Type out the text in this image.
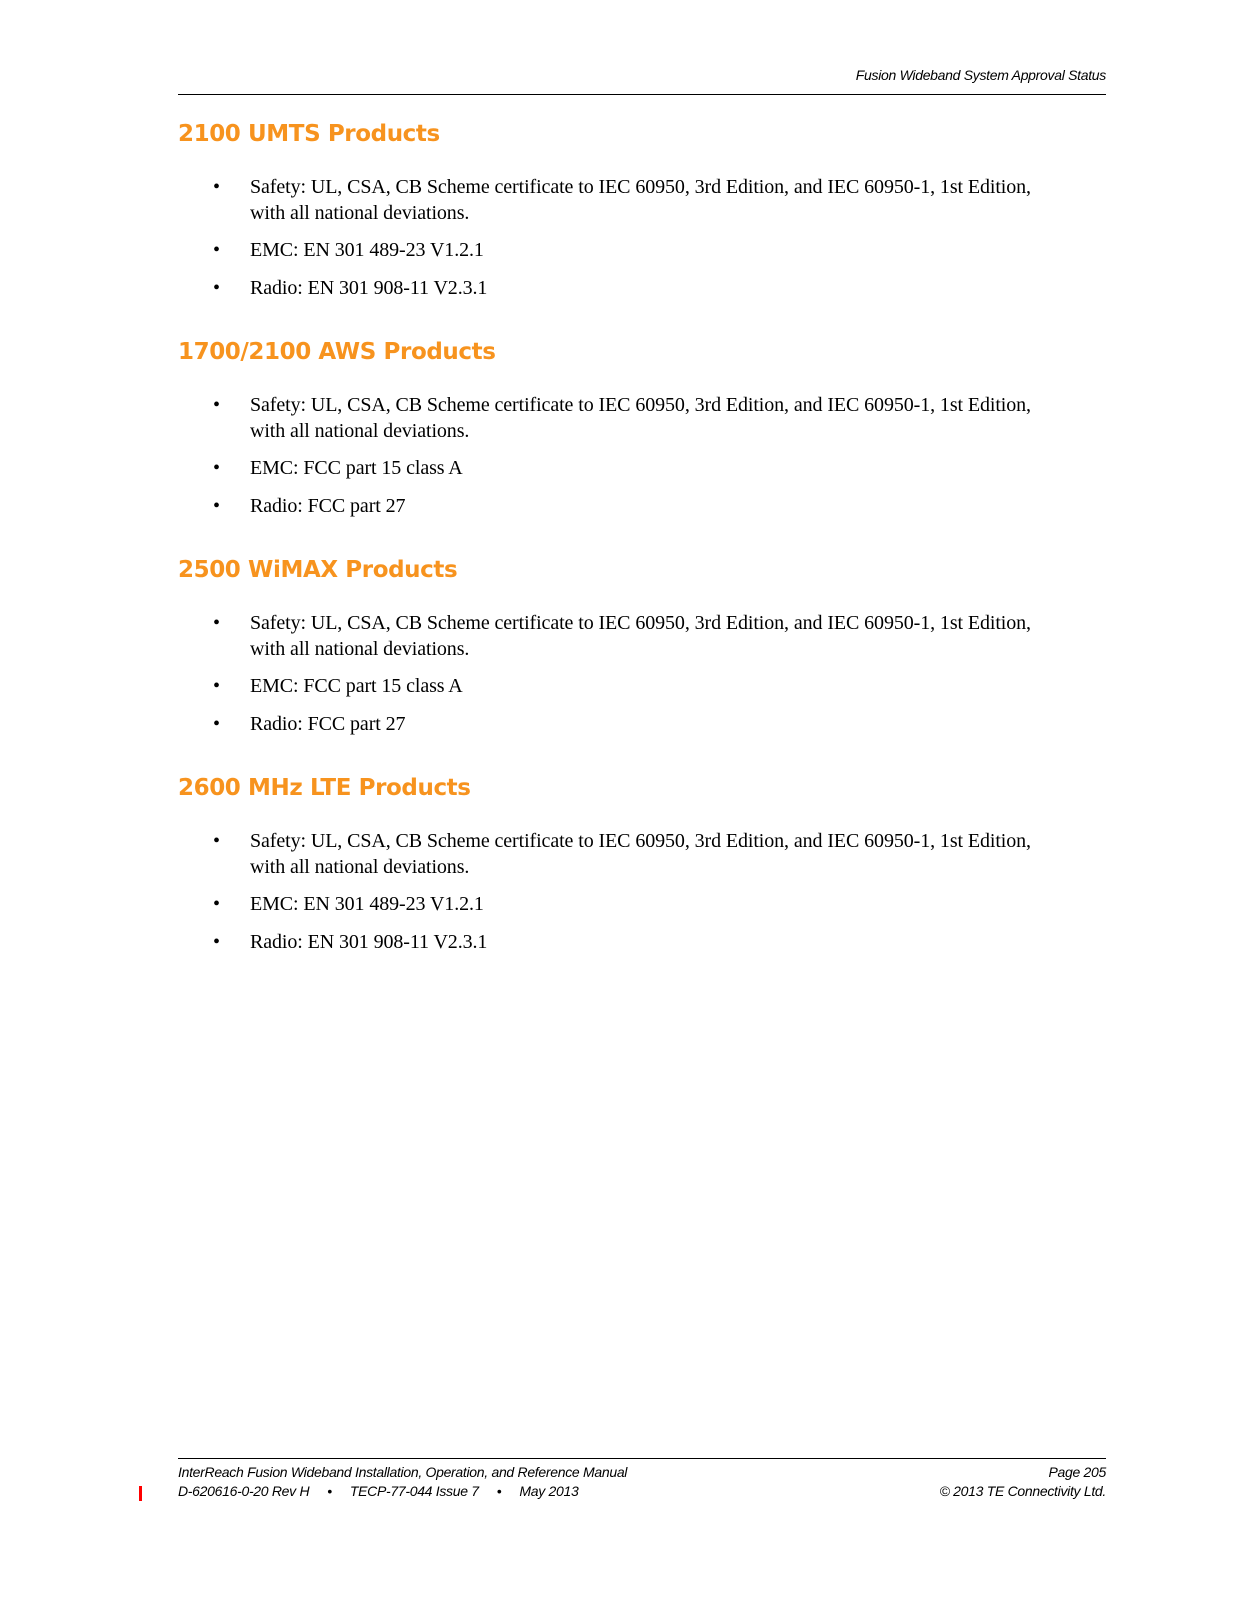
Fusion Wideband System Approval Status
2100 UMTS Products
• Safety: UL, CSA, CB Scheme certificate to IEC 60950, 3rd Edition, and IEC 60950-1, 1st Edition,
with all national deviations.
• EMC: EN 301 489-23 V1.2.1
• Radio: EN 301 908-11 V2.3.1
1700/2100 AWS Products
• Safety: UL, CSA, CB Scheme certificate to IEC 60950, 3rd Edition, and IEC 60950-1, 1st Edition,
with all national deviations.
• EMC: FCC part 15 class A
• Radio: FCC part 27
2500 WiMAX Products
• Safety: UL, CSA, CB Scheme certificate to IEC 60950, 3rd Edition, and IEC 60950-1, 1st Edition,
with all national deviations.
• EMC: FCC part 15 class A
• Radio: FCC part 27
2600 MHz LTE Products
• Safety: UL, CSA, CB Scheme certificate to IEC 60950, 3rd Edition, and IEC 60950-1, 1st Edition,
with all national deviations.
• EMC: EN 301 489-23 V1.2.1
• Radio: EN 301 908-11 V2.3.1
InterReach Fusion Wideband Installation, Operation, and Reference Manual
D-620616-0-20 Rev H • TECP-77-044 Issue 7 • May 2013
Page 205
© 2013 TE Connectivity Ltd.
